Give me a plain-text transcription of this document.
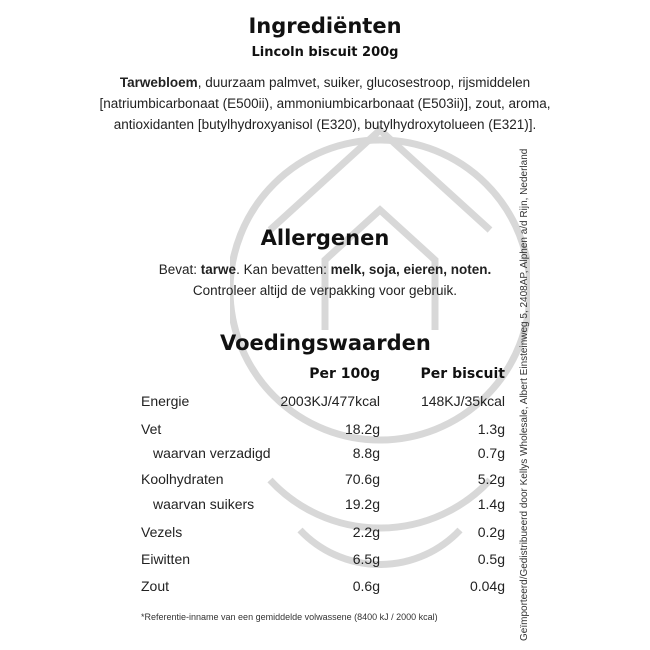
Ingrediënten
Lincoln biscuit 200g
Tarwebloem, duurzaam palmvet, suiker, glucosestroop, rijsmiddelen [natriumbicarbonaat (E500ii), ammoniumbicarbonaat (E503ii)], zout, aroma, antioxidanten [butylhydroxyanisol (E320), butylhydroxytolueen (E321)].
Allergenen
Bevat: tarwe. Kan bevatten: melk, soja, eieren, noten.
Controleer altijd de verpakking voor gebruik.
Voedingswaarden
Per 100g	Per biscuit
Energie	2003KJ/477kcal	148KJ/35kcal
Vet	18.2g	1.3g
waarvan verzadigd	8.8g	0.7g
Koolhydraten	70.6g	5.2g
waarvan suikers	19.2g	1.4g
Vezels	2.2g	0.2g
Eiwitten	6.5g	0.5g
Zout	0.6g	0.04g
*Referentie-inname van een gemiddelde volwassene (8400 kJ / 2000 kcal)	Geïmporteerd/Gedistribueerd door Kellys Wholesale, Albert Einsteinweg 5, 2408AP, Alphen a/d Rijn, Nederland
